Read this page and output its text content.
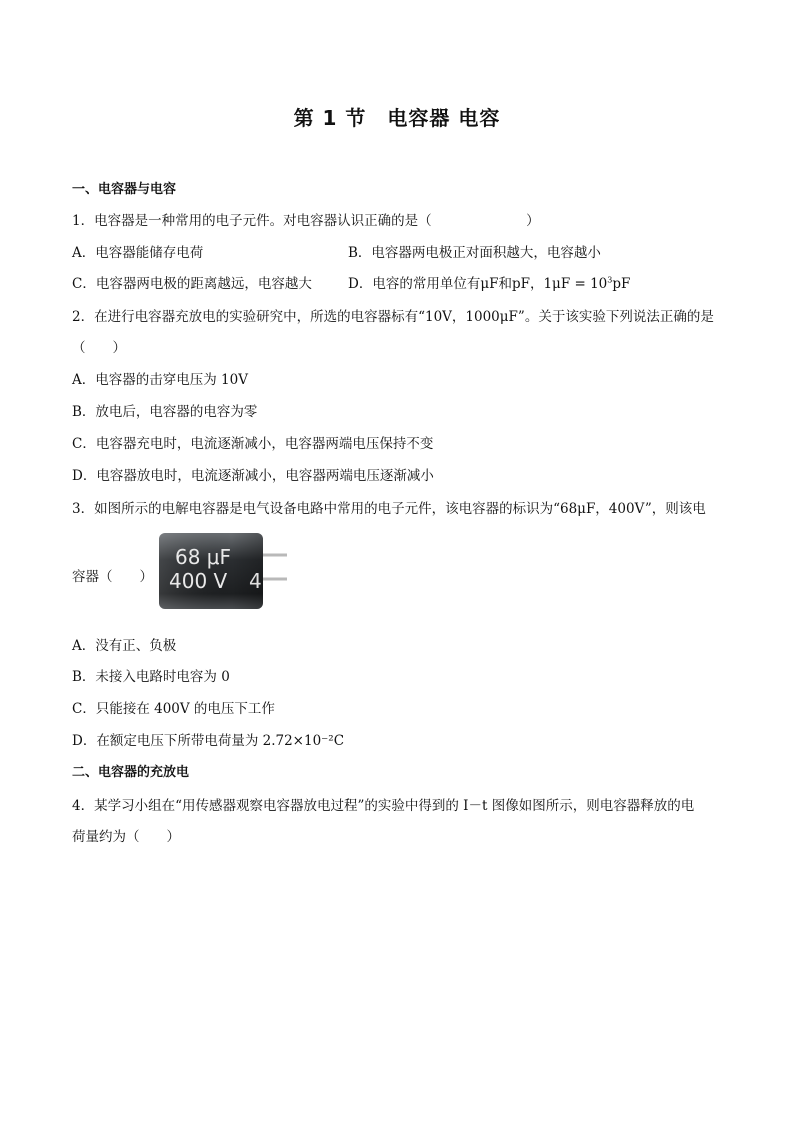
第 1 节　电容器 电容
一、电容器与电容
1．电容器是一种常用的电子元件。对电容器认识正确的是（　　　　　　　）
A．电容器能储存电荷	B．电容器两电极正对面积越大，电容越小
C．电容器两电极的距离越远，电容越大	D．电容的常用单位有μF和pF，$1\mu F = 10^3pF$
2．在进行电容器充放电的实验研究中，所选的电容器标有“10V，1000μF”。关于该实验下列说法正确的是
（　　）
A．电容器的击穿电压为 10V
B．放电后，电容器的电容为零
C．电容器充电时，电流逐渐减小，电容器两端电压保持不变
D．电容器放电时，电流逐渐减小，电容器两端电压逐渐减小
3．如图所示的电解电容器是电气设备电路中常用的电子元件，该电容器的标识为“68μF，400V”，则该电
容器（　　）
68 μF
400 V 4
A．没有正、负极
B．未接入电路时电容为 0
C．只能接在 400V 的电压下工作
D．在额定电压下所带电荷量为 2.72×10⁻²C
二、电容器的充放电
4．某学习小组在“用传感器观察电容器放电过程”的实验中得到的 I－t 图像如图所示，则电容器释放的电
荷量约为（　　）
